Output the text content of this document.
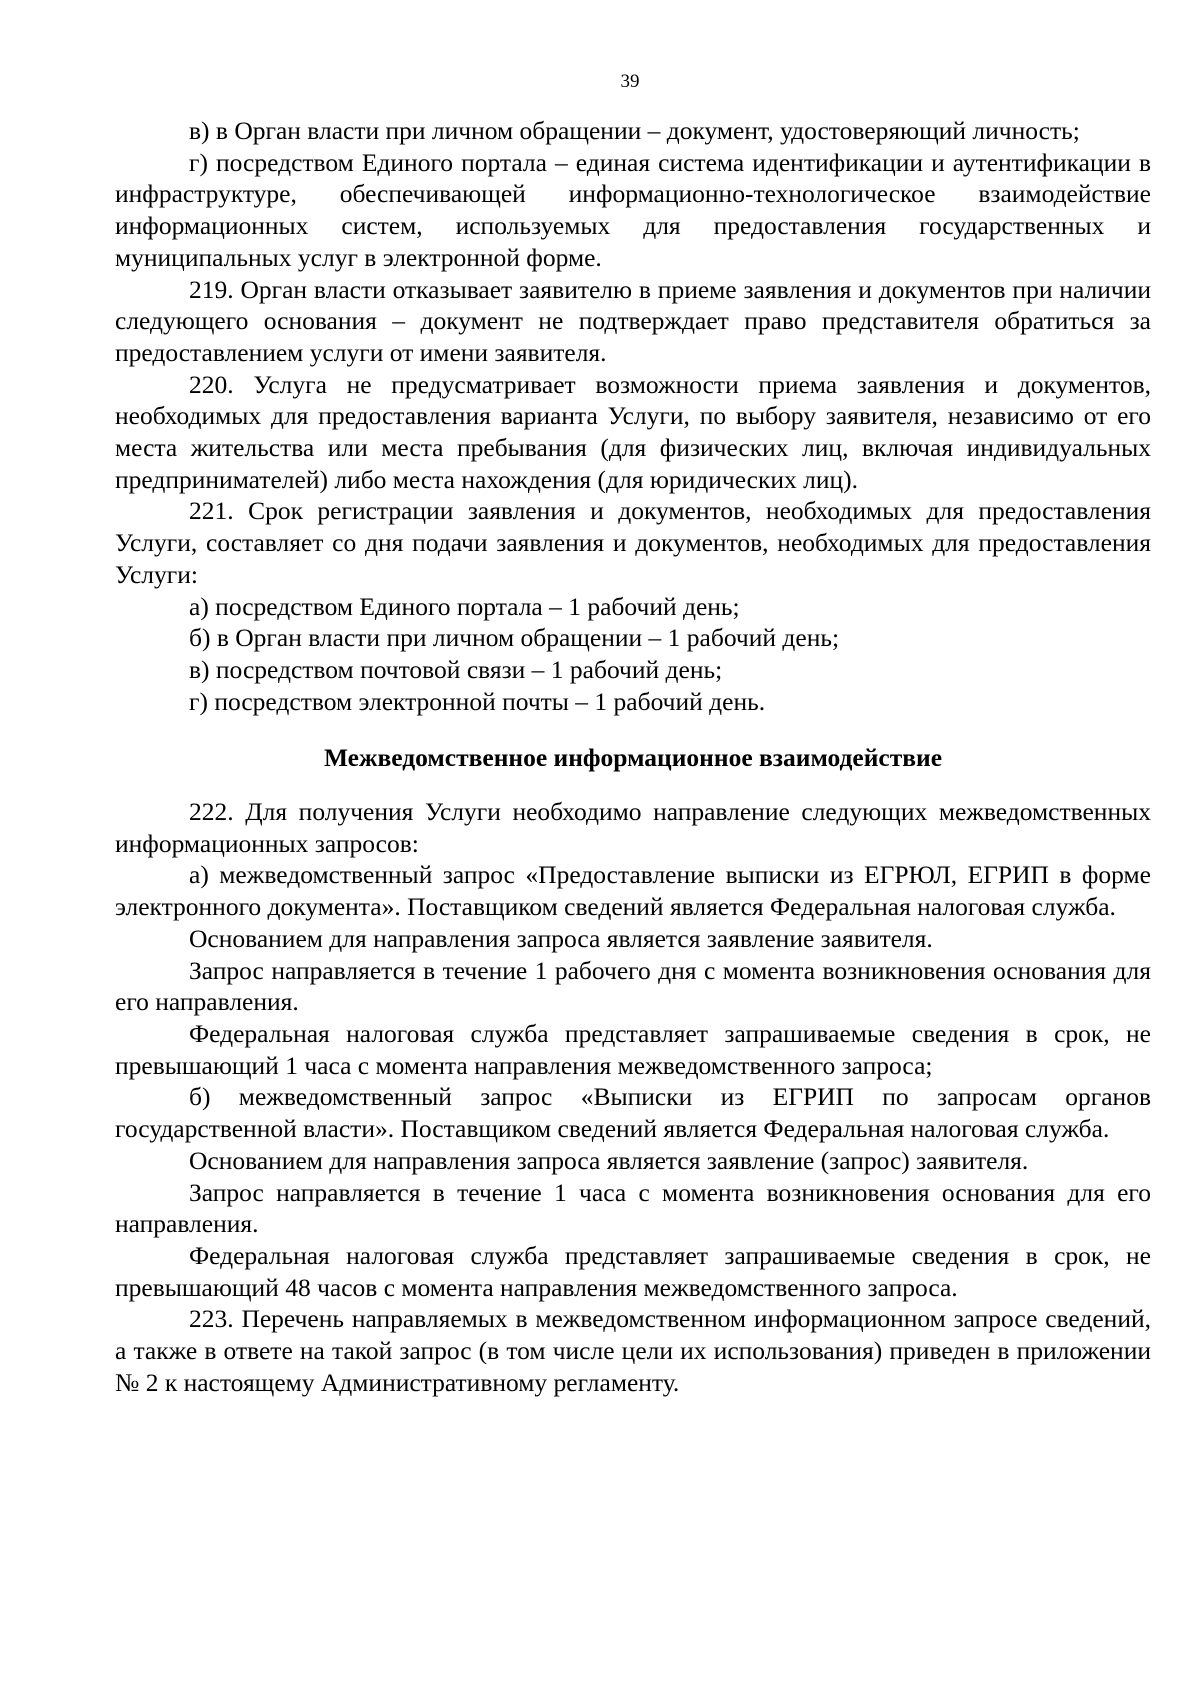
39

в) в Орган власти при личном обращении – документ, удостоверяющий личность;

г) посредством Единого портала – единая система идентификации и аутентификации в инфраструктуре, обеспечивающей информационно-технологическое взаимодействие информационных систем, используемых для предоставления государственных и муниципальных услуг в электронной форме.

219. Орган власти отказывает заявителю в приеме заявления и документов при наличии следующего основания – документ не подтверждает право представителя обратиться за предоставлением услуги от имени заявителя.

220. Услуга не предусматривает возможности приема заявления и документов, необходимых для предоставления варианта Услуги, по выбору заявителя, независимо от его места жительства или места пребывания (для физических лиц, включая индивидуальных предпринимателей) либо места нахождения (для юридических лиц).

221. Срок регистрации заявления и документов, необходимых для предоставления Услуги, составляет со дня подачи заявления и документов, необходимых для предоставления Услуги:

а) посредством Единого портала – 1 рабочий день;

б) в Орган власти при личном обращении – 1 рабочий день;

в) посредством почтовой связи – 1 рабочий день;

г) посредством электронной почты – 1 рабочий день.

Межведомственное информационное взаимодействие

222. Для получения Услуги необходимо направление следующих межведомственных информационных запросов:

а) межведомственный запрос «Предоставление выписки из ЕГРЮЛ, ЕГРИП в форме электронного документа». Поставщиком сведений является Федеральная налоговая служба.

Основанием для направления запроса является заявление заявителя.

Запрос направляется в течение 1 рабочего дня с момента возникновения основания для его направления.

Федеральная налоговая служба представляет запрашиваемые сведения в срок, не превышающий 1 часа с момента направления межведомственного запроса;

б) межведомственный запрос «Выписки из ЕГРИП по запросам органов государственной власти». Поставщиком сведений является Федеральная налоговая служба.

Основанием для направления запроса является заявление (запрос) заявителя.

Запрос направляется в течение 1 часа с момента возникновения основания для его направления.

Федеральная налоговая служба представляет запрашиваемые сведения в срок, не превышающий 48 часов с момента направления межведомственного запроса.

223. Перечень направляемых в межведомственном информационном запросе сведений, а также в ответе на такой запрос (в том числе цели их использования) приведен в приложении № 2 к настоящему Административному регламенту.
